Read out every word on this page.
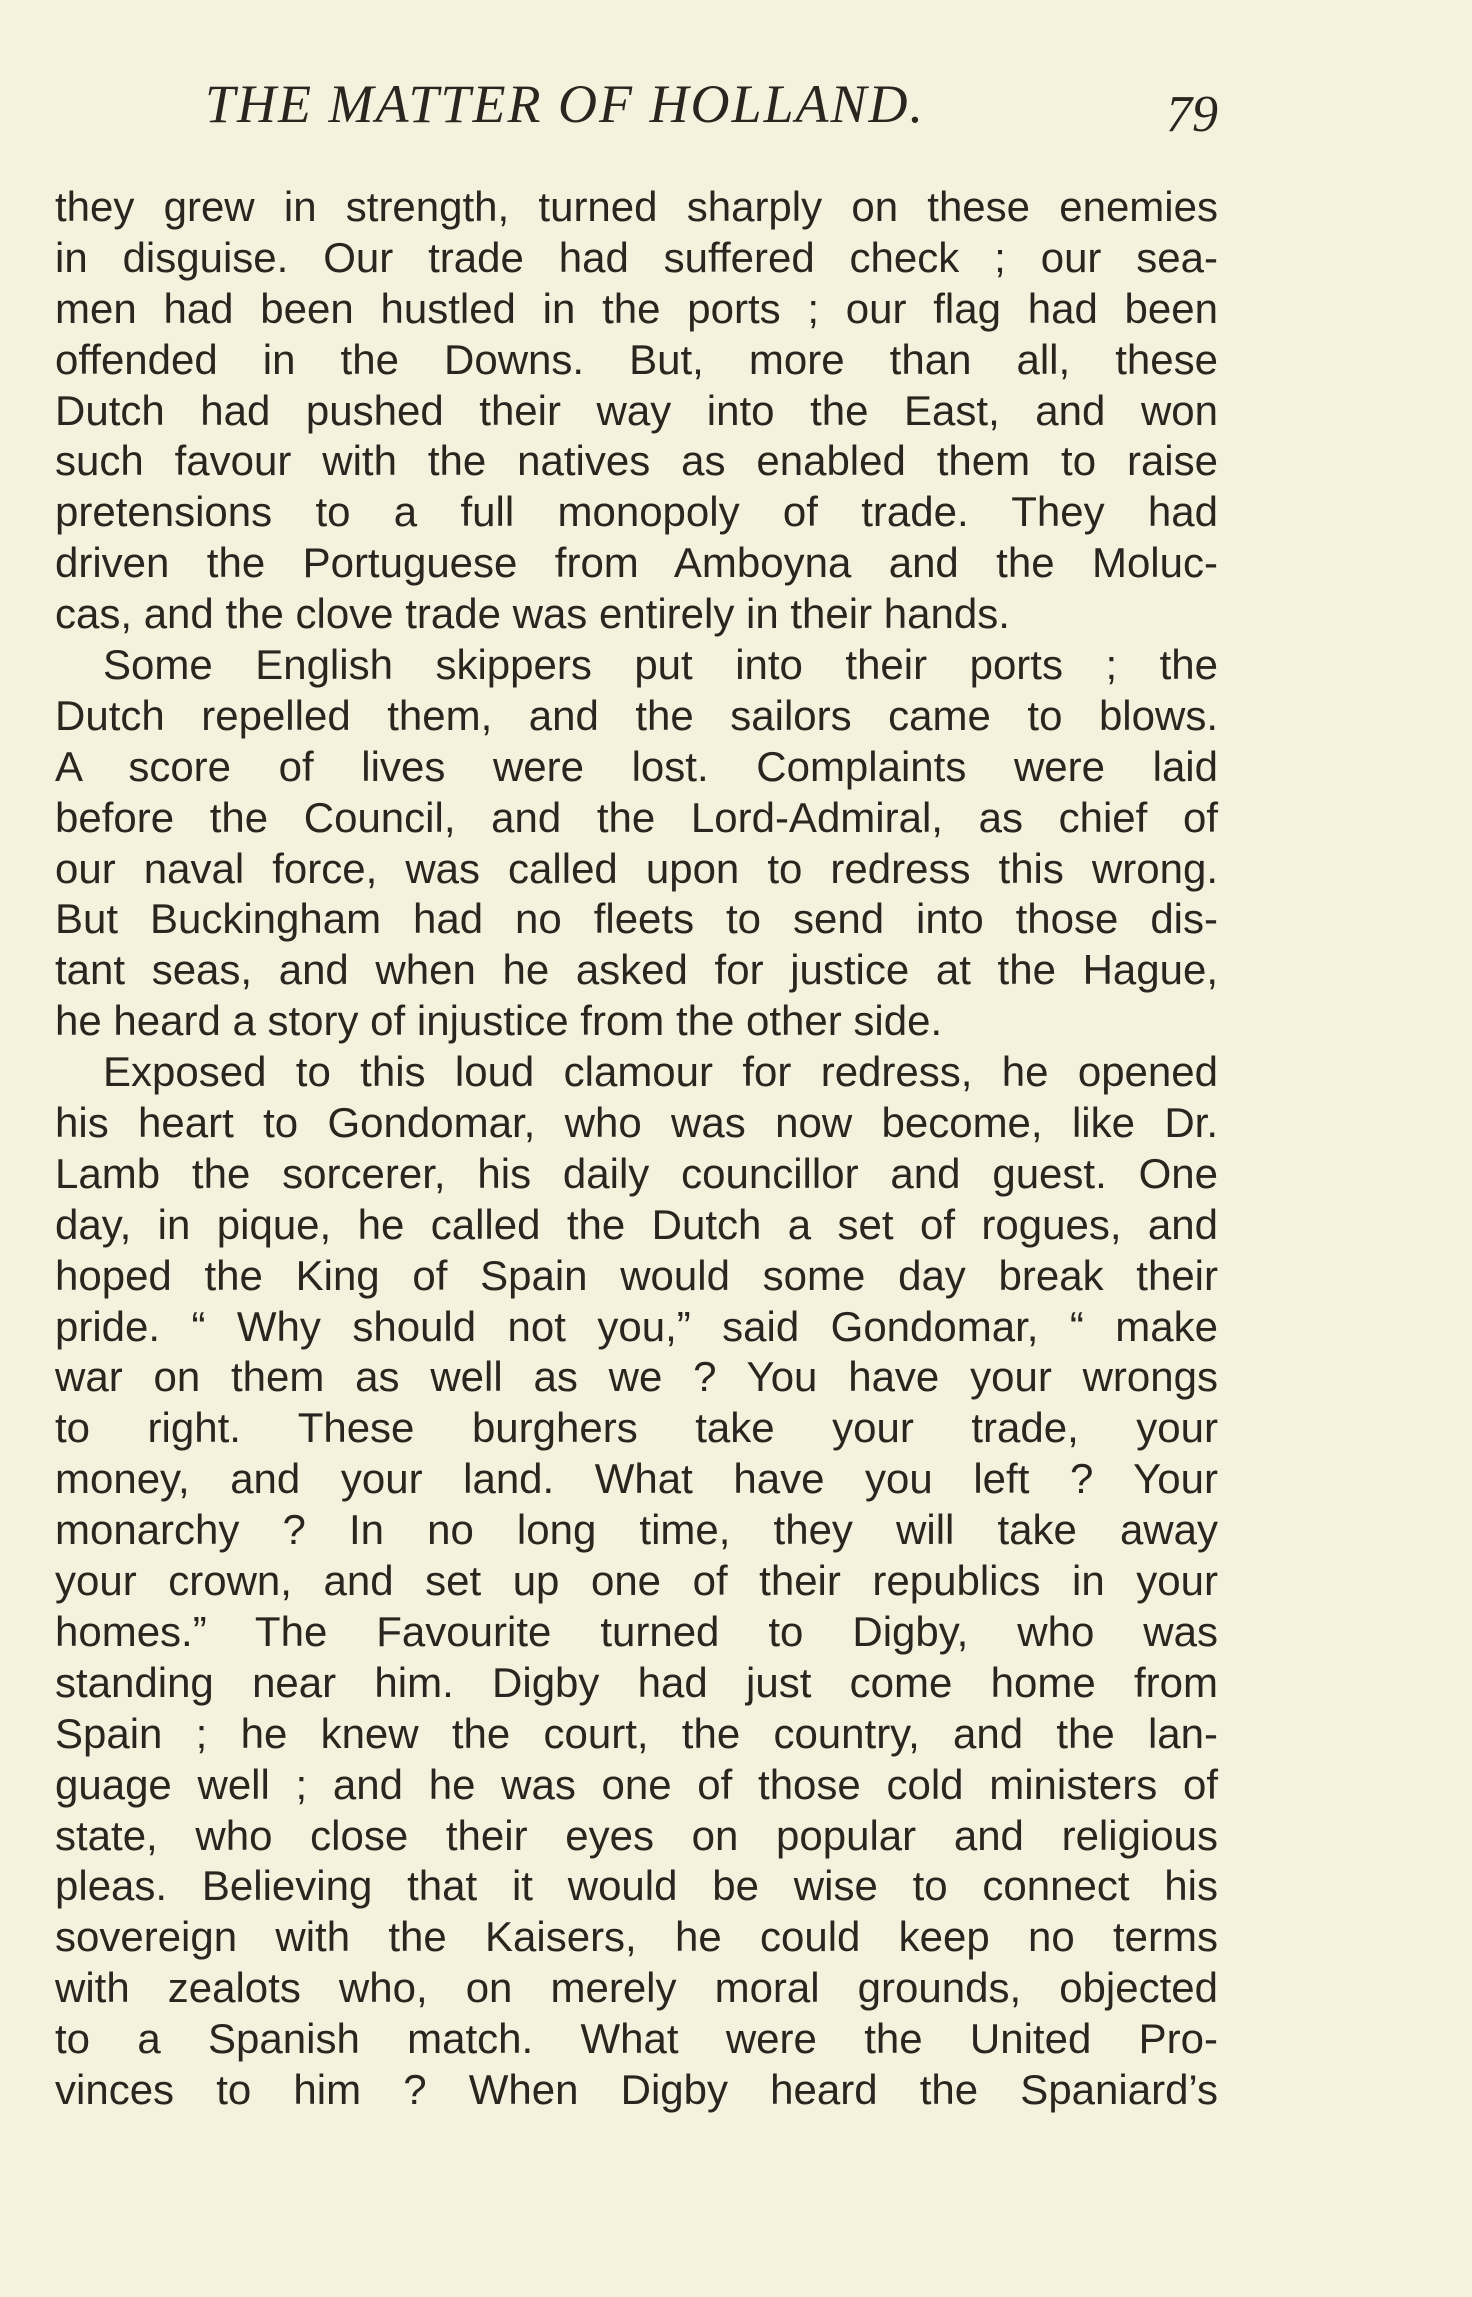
THE MATTER OF HOLLAND.	79
they grew in strength, turned sharply on these enemies
in disguise. Our trade had suffered check ; our sea-
men had been hustled in the ports ; our flag had been
offended in the Downs. But, more than all, these
Dutch had pushed their way into the East, and won
such favour with the natives as enabled them to raise
pretensions to a full monopoly of trade. They had
driven the Portuguese from Amboyna and the Moluc-
cas, and the clove trade was entirely in their hands.
Some English skippers put into their ports ; the
Dutch repelled them, and the sailors came to blows.
A score of lives were lost. Complaints were laid
before the Council, and the Lord-Admiral, as chief of
our naval force, was called upon to redress this wrong.
But Buckingham had no fleets to send into those dis-
tant seas, and when he asked for justice at the Hague,
he heard a story of injustice from the other side.
Exposed to this loud clamour for redress, he opened
his heart to Gondomar, who was now become, like Dr.
Lamb the sorcerer, his daily councillor and guest. One
day, in pique, he called the Dutch a set of rogues, and
hoped the King of Spain would some day break their
pride. “ Why should not you,” said Gondomar, “ make
war on them as well as we ? You have your wrongs
to right. These burghers take your trade, your
money, and your land. What have you left ? Your
monarchy ? In no long time, they will take away
your crown, and set up one of their republics in your
homes.” The Favourite turned to Digby, who was
standing near him. Digby had just come home from
Spain ; he knew the court, the country, and the lan-
guage well ; and he was one of those cold ministers of
state, who close their eyes on popular and religious
pleas. Believing that it would be wise to connect his
sovereign with the Kaisers, he could keep no terms
with zealots who, on merely moral grounds, objected
to a Spanish match. What were the United Pro-
vinces to him ? When Digby heard the Spaniard’s
